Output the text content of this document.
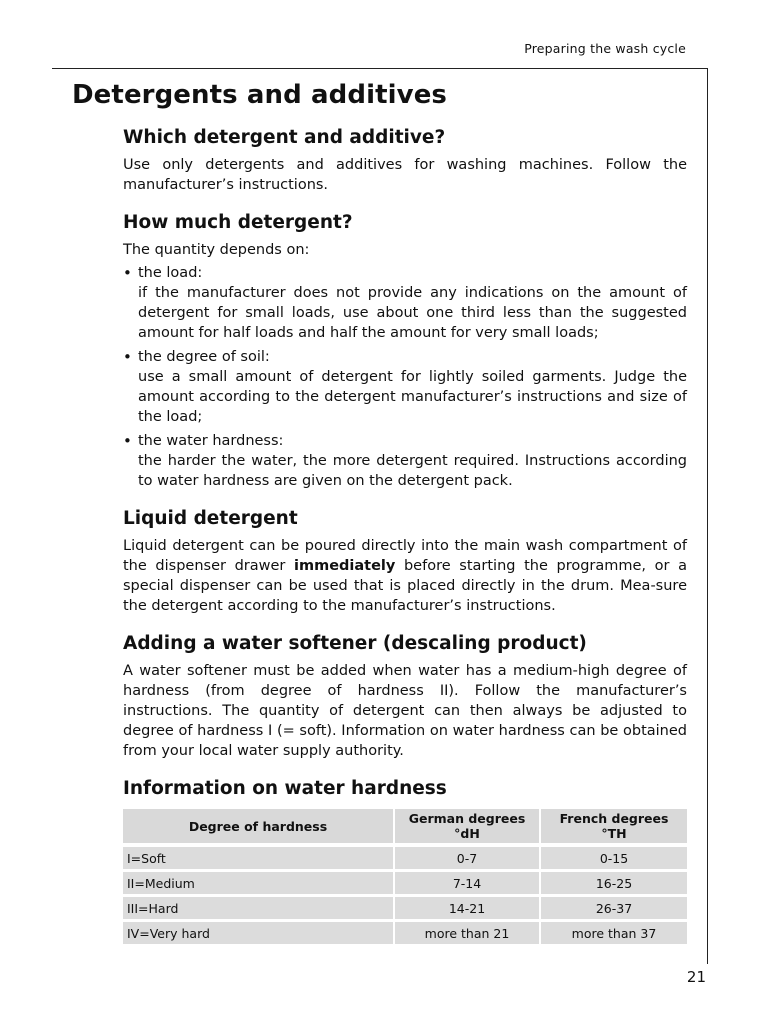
Preparing the wash cycle
Detergents and additives
Which detergent and additive?

Use only detergents and additives for washing machines. Follow the manufacturer’s instructions.

How much detergent?

The quantity depends on:

• the load:

if the manufacturer does not provide any indications on the amount of detergent for small loads, use about one third less than the suggested amount for half loads and half the amount for very small loads;

• the degree of soil:

use a small amount of detergent for lightly soiled garments. Judge the amount according to the detergent manufacturer’s instructions and size of the load;

• the water hardness:

the harder the water, the more detergent required. Instructions according to water hardness are given on the detergent pack.

Liquid detergent

Liquid detergent can be poured directly into the main wash compartment of the dispenser drawer immediately before starting the programme, or a special dispenser can be used that is placed directly in the drum. Mea-sure the detergent according to the manufacturer’s instructions.

Adding a water softener (descaling product)

A water softener must be added when water has a medium-high degree of hardness (from degree of hardness II). Follow the manufacturer’s instructions. The quantity of detergent can then always be adjusted to degree of hardness I (= soft). Information on water hardness can be obtained from your local water supply authority.

Information on water hardness
Degree of hardness	German degrees °dH	French degrees °TH
I=Soft	0-7	0-15
II=Medium	7-14	16-25
III=Hard	14-21	26-37
IV=Very hard	more than 21	more than 37
21
